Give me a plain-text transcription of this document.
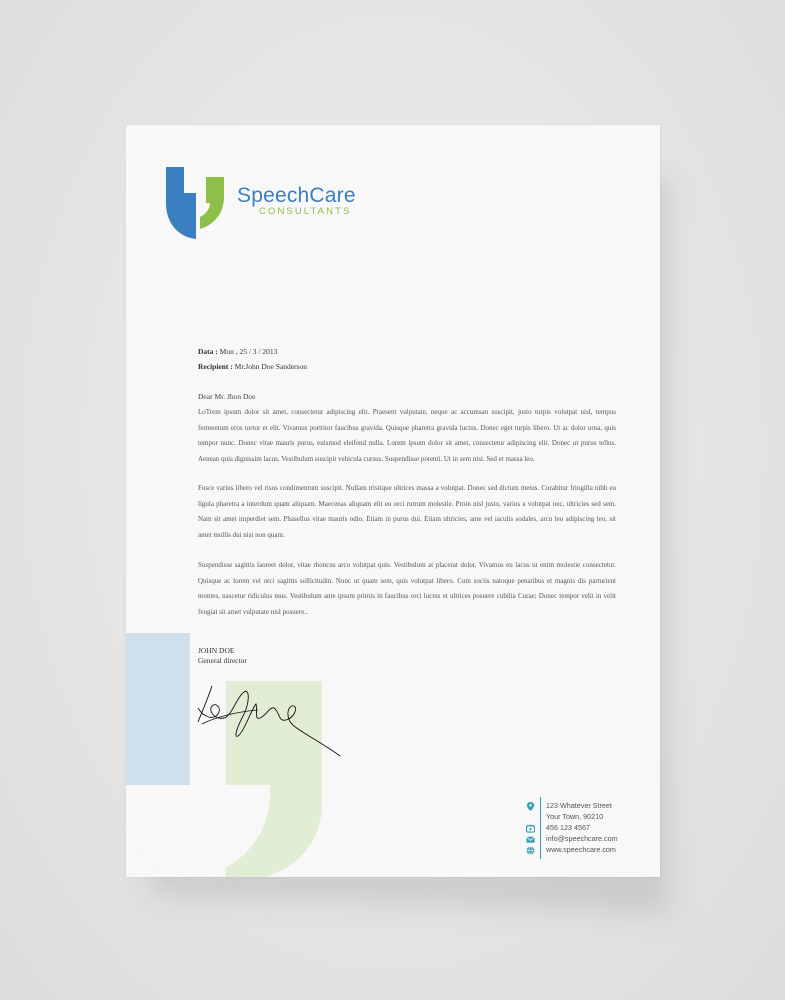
SpeechCare
CONSULTANTS
Data : Mon , 25 / 3 / 2013
Recipient : Mr.John Doe Sanderson
Dear Mr. Jhon Doe
LoTrem ipsum dolor sit amet, consectetur adipiscing elit. Praesent vulputate, neque ac accumsan suscipit, justo turpis volutpat nisl, tempus fermentum eros tortor et elit. Vivamus porttitor faucibus gravida. Quisque pharetra gravida luctus. Donec eget turpis libero. Ut ac dolor urna, quis tempor nunc. Donec vitae mauris purus, euismod eleifend nulla. Lorem ipsum dolor sit amet, consectetur adipiscing elit. Donec ut purus tellus. Aenean quis dignissim lacus. Vestibulum suscipit vehicula cursus. Suspendisse potenti. Ut in sem nisi. Sed et massa leo.
Fusce varius libero vel risus condimentum suscipit. Nullam tristique ultrices massa a volutpat. Donec sed dictum metus. Curabitur fringilla nibh eu ligula pharetra a interdum quam aliquam. Maecenas aliquam elit eu orci rutrum molestie. Proin nisl justo, varius a volutpat nec, ultricies sed sem. Nam sit amet imperdiet sem. Phasellus vitae mauris odio. Etiam in purus dui. Etiam ultricies, ante vel iaculis sodales, arcu leo adipiscing leo, sit amet mollis dui nisi non quam.
Suspendisse sagittis laoreet dolor, vitae rhoncus arcu volutpat quis. Vestibulum at placerat dolor. Vivamus eu lacus ut enim molestie consectetur. Quisque ac lorem vel orci sagittis sollicitudin. Nunc ut quam sem, quis volutpat libero. Cum sociis natoque penatibus et magnis dis parturient montes, nascetur ridiculus mus. Vestibulum ante ipsum primis in faucibus orci luctus et ultrices posuere cubilia Curae; Donec tempor velit in velit feugiat sit amet vulputate nisl posuere..
JOHN DOE
General director
123 Whatever Street
Your Town, 90210
456 123 4567
info@speechcare.com
www.speechcare.com
